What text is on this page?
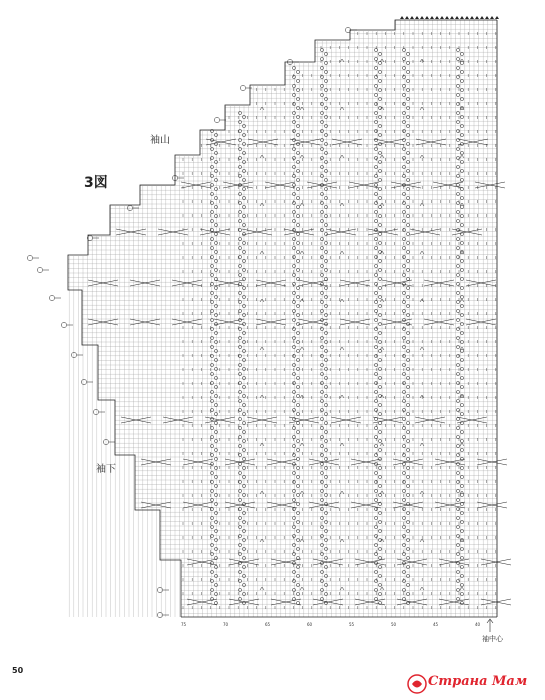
3図
袖山
袖下
袖中心
50
75	70	65	60	55	50	45	40
Страна Мам
